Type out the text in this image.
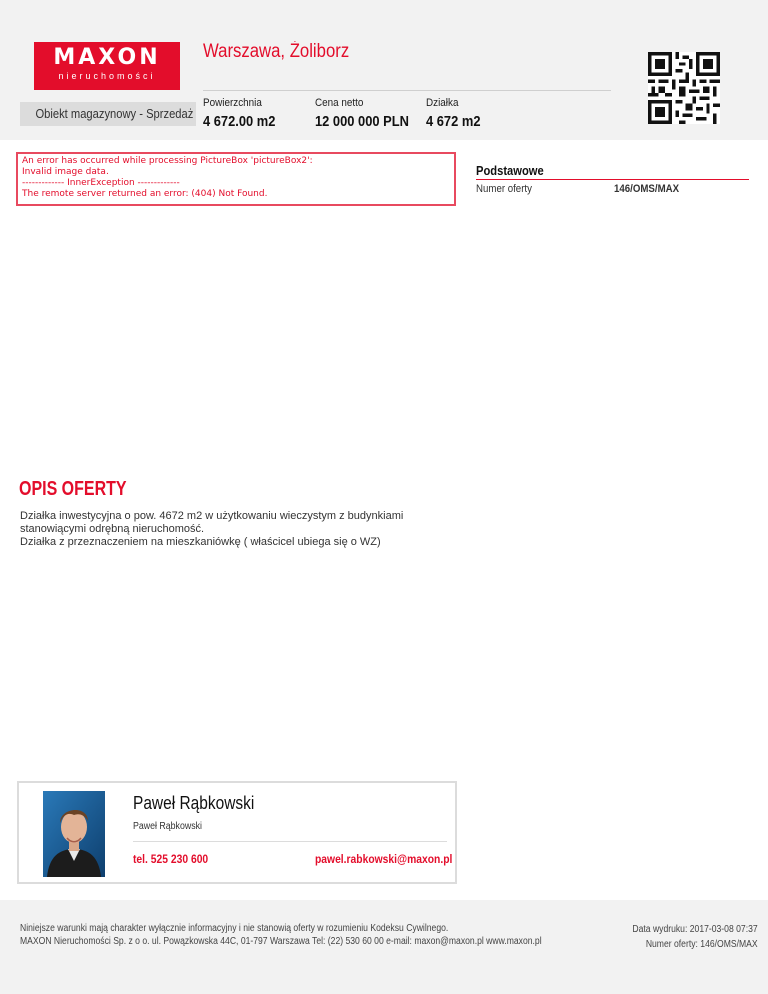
MAXON
nieruchomości
Warszawa, Żoliborz
Obiekt magazynowy - Sprzedaż
Powierzchnia
4 672.00 m2
Cena netto
12 000 000 PLN
Działka
4 672 m2
An error has occurred while processing PictureBox 'pictureBox2':
Invalid image data.
------------- InnerException -------------
The remote server returned an error: (404) Not Found.
Podstawowe
Numer oferty	146/OMS/MAX
OPIS OFERTY
Działka inwestycyjna o pow. 4672 m2 w użytkowaniu wieczystym z budynkiami
stanowiącymi odrębną nieruchomość.
Działka z przeznaczeniem na mieszkaniówkę ( właścicel ubiega się o WZ)
Paweł Rąbkowski
Paweł Rąbkowski
tel. 525 230 600	pawel.rabkowski@maxon.pl
Niniejsze warunki mają charakter wyłącznie informacyjny i nie stanowią oferty w rozumieniu Kodeksu Cywilnego.
MAXON Nieruchomości Sp. z o o. ul. Powązkowska 44C, 01-797 Warszawa Tel: (22) 530 60 00 e-mail: maxon@maxon.pl www.maxon.pl
Data wydruku: 2017-03-08 07:37
Numer oferty: 146/OMS/MAX
